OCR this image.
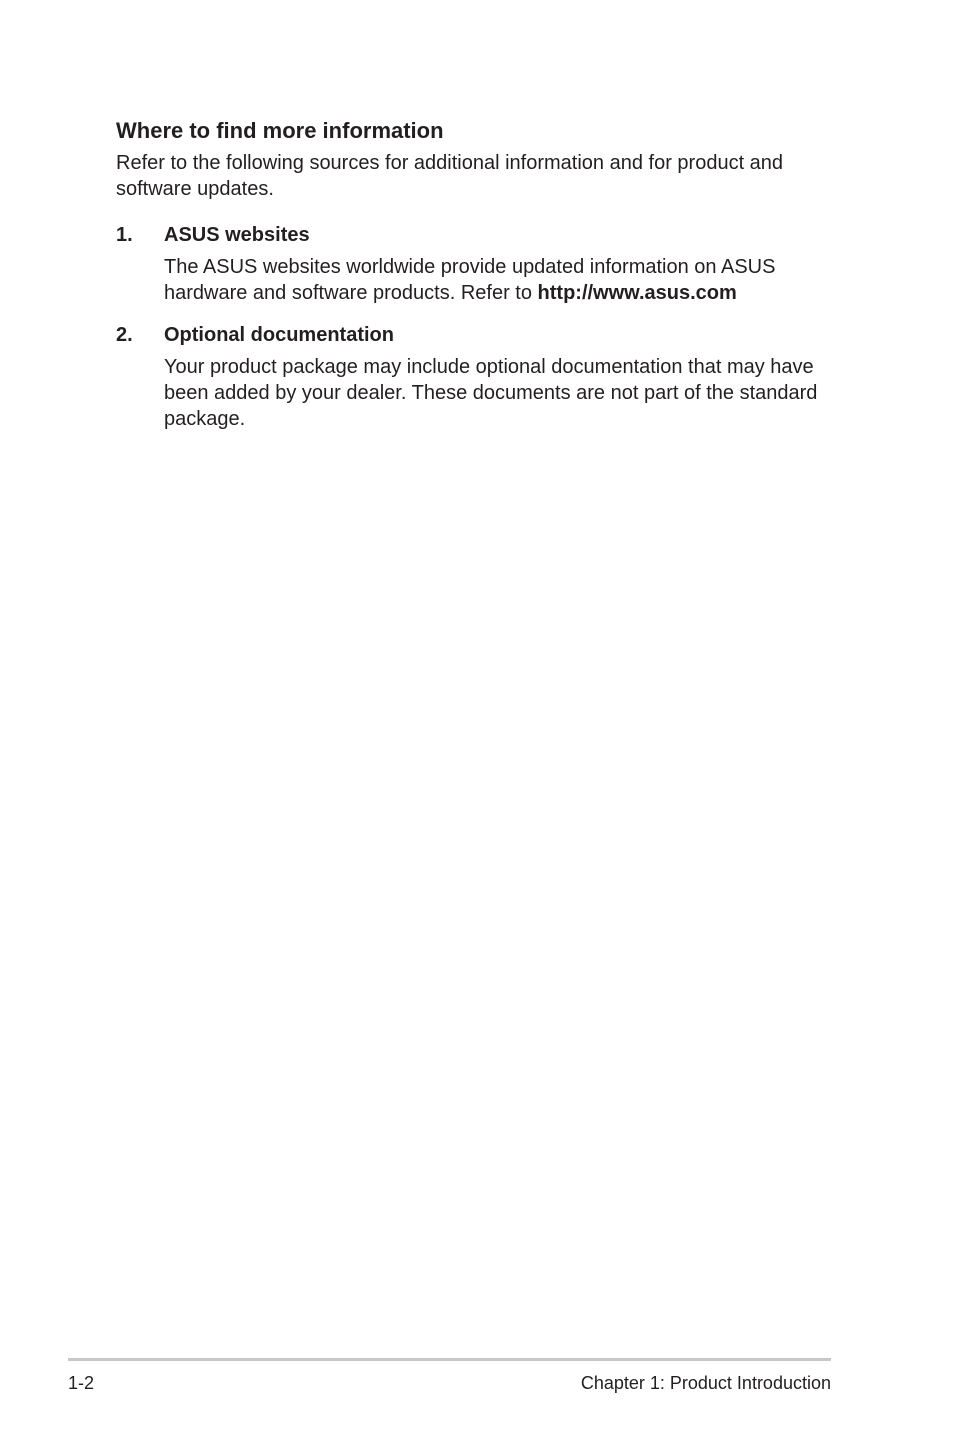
Where to find more information

Refer to the following sources for additional information and for product and software updates.

1.	ASUS websites
The ASUS websites worldwide provide updated information on ASUS hardware and software products. Refer to http://www.asus.com
2.	Optional documentation
Your product package may include optional documentation that may have been added by your dealer. These documents are not part of the standard package.
1-2	Chapter 1: Product Introduction
